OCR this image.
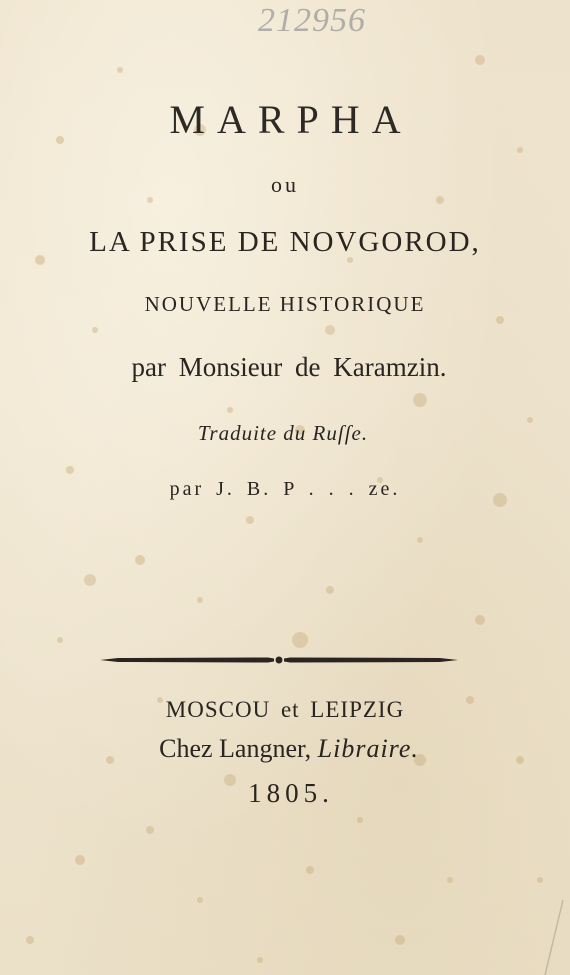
212956
MARPHA
ou
LA PRISE DE NOVGOROD,
NOUVELLE HISTORIQUE
par Monsieur de Karamzin.
Traduite du Ruſſe.
par J. B. P . . . ze.
MOSCOU et LEIPZIG
Chez Langner, Libraire.
1805.
